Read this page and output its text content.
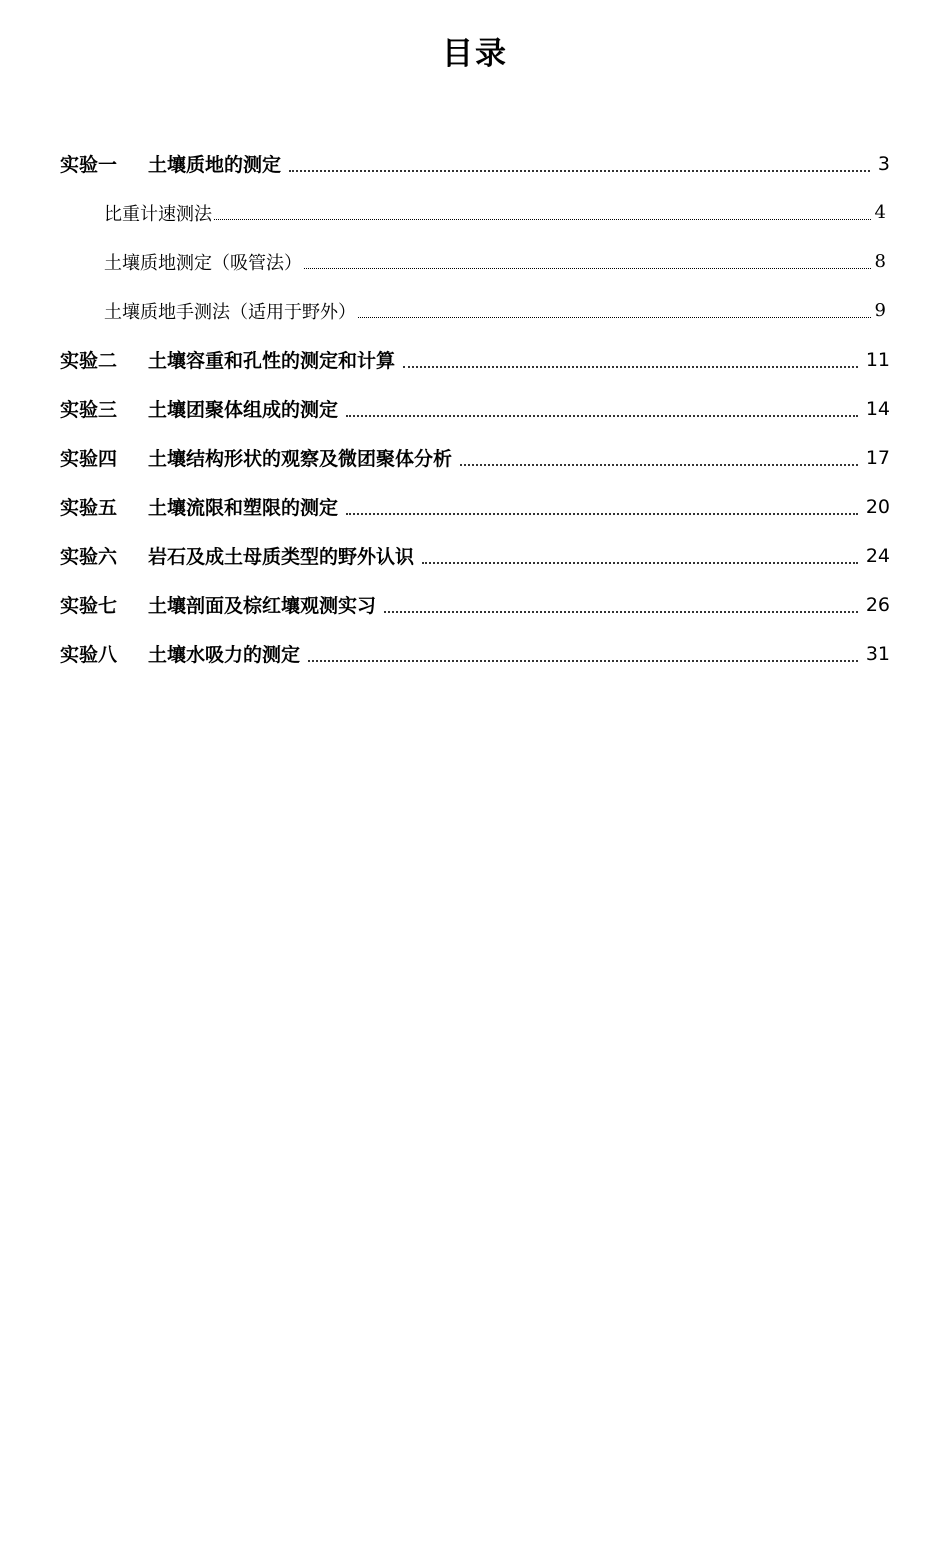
目录
实验一	土壤质地的测定	3
比重计速测法	4
土壤质地测定（吸管法）	8
土壤质地手测法（适用于野外）	9
实验二	土壤容重和孔性的测定和计算	11
实验三	土壤团聚体组成的测定	14
实验四	土壤结构形状的观察及微团聚体分析	17
实验五	土壤流限和塑限的测定	20
实验六	岩石及成土母质类型的野外认识	24
实验七	土壤剖面及棕红壤观测实习	26
实验八	土壤水吸力的测定	31
